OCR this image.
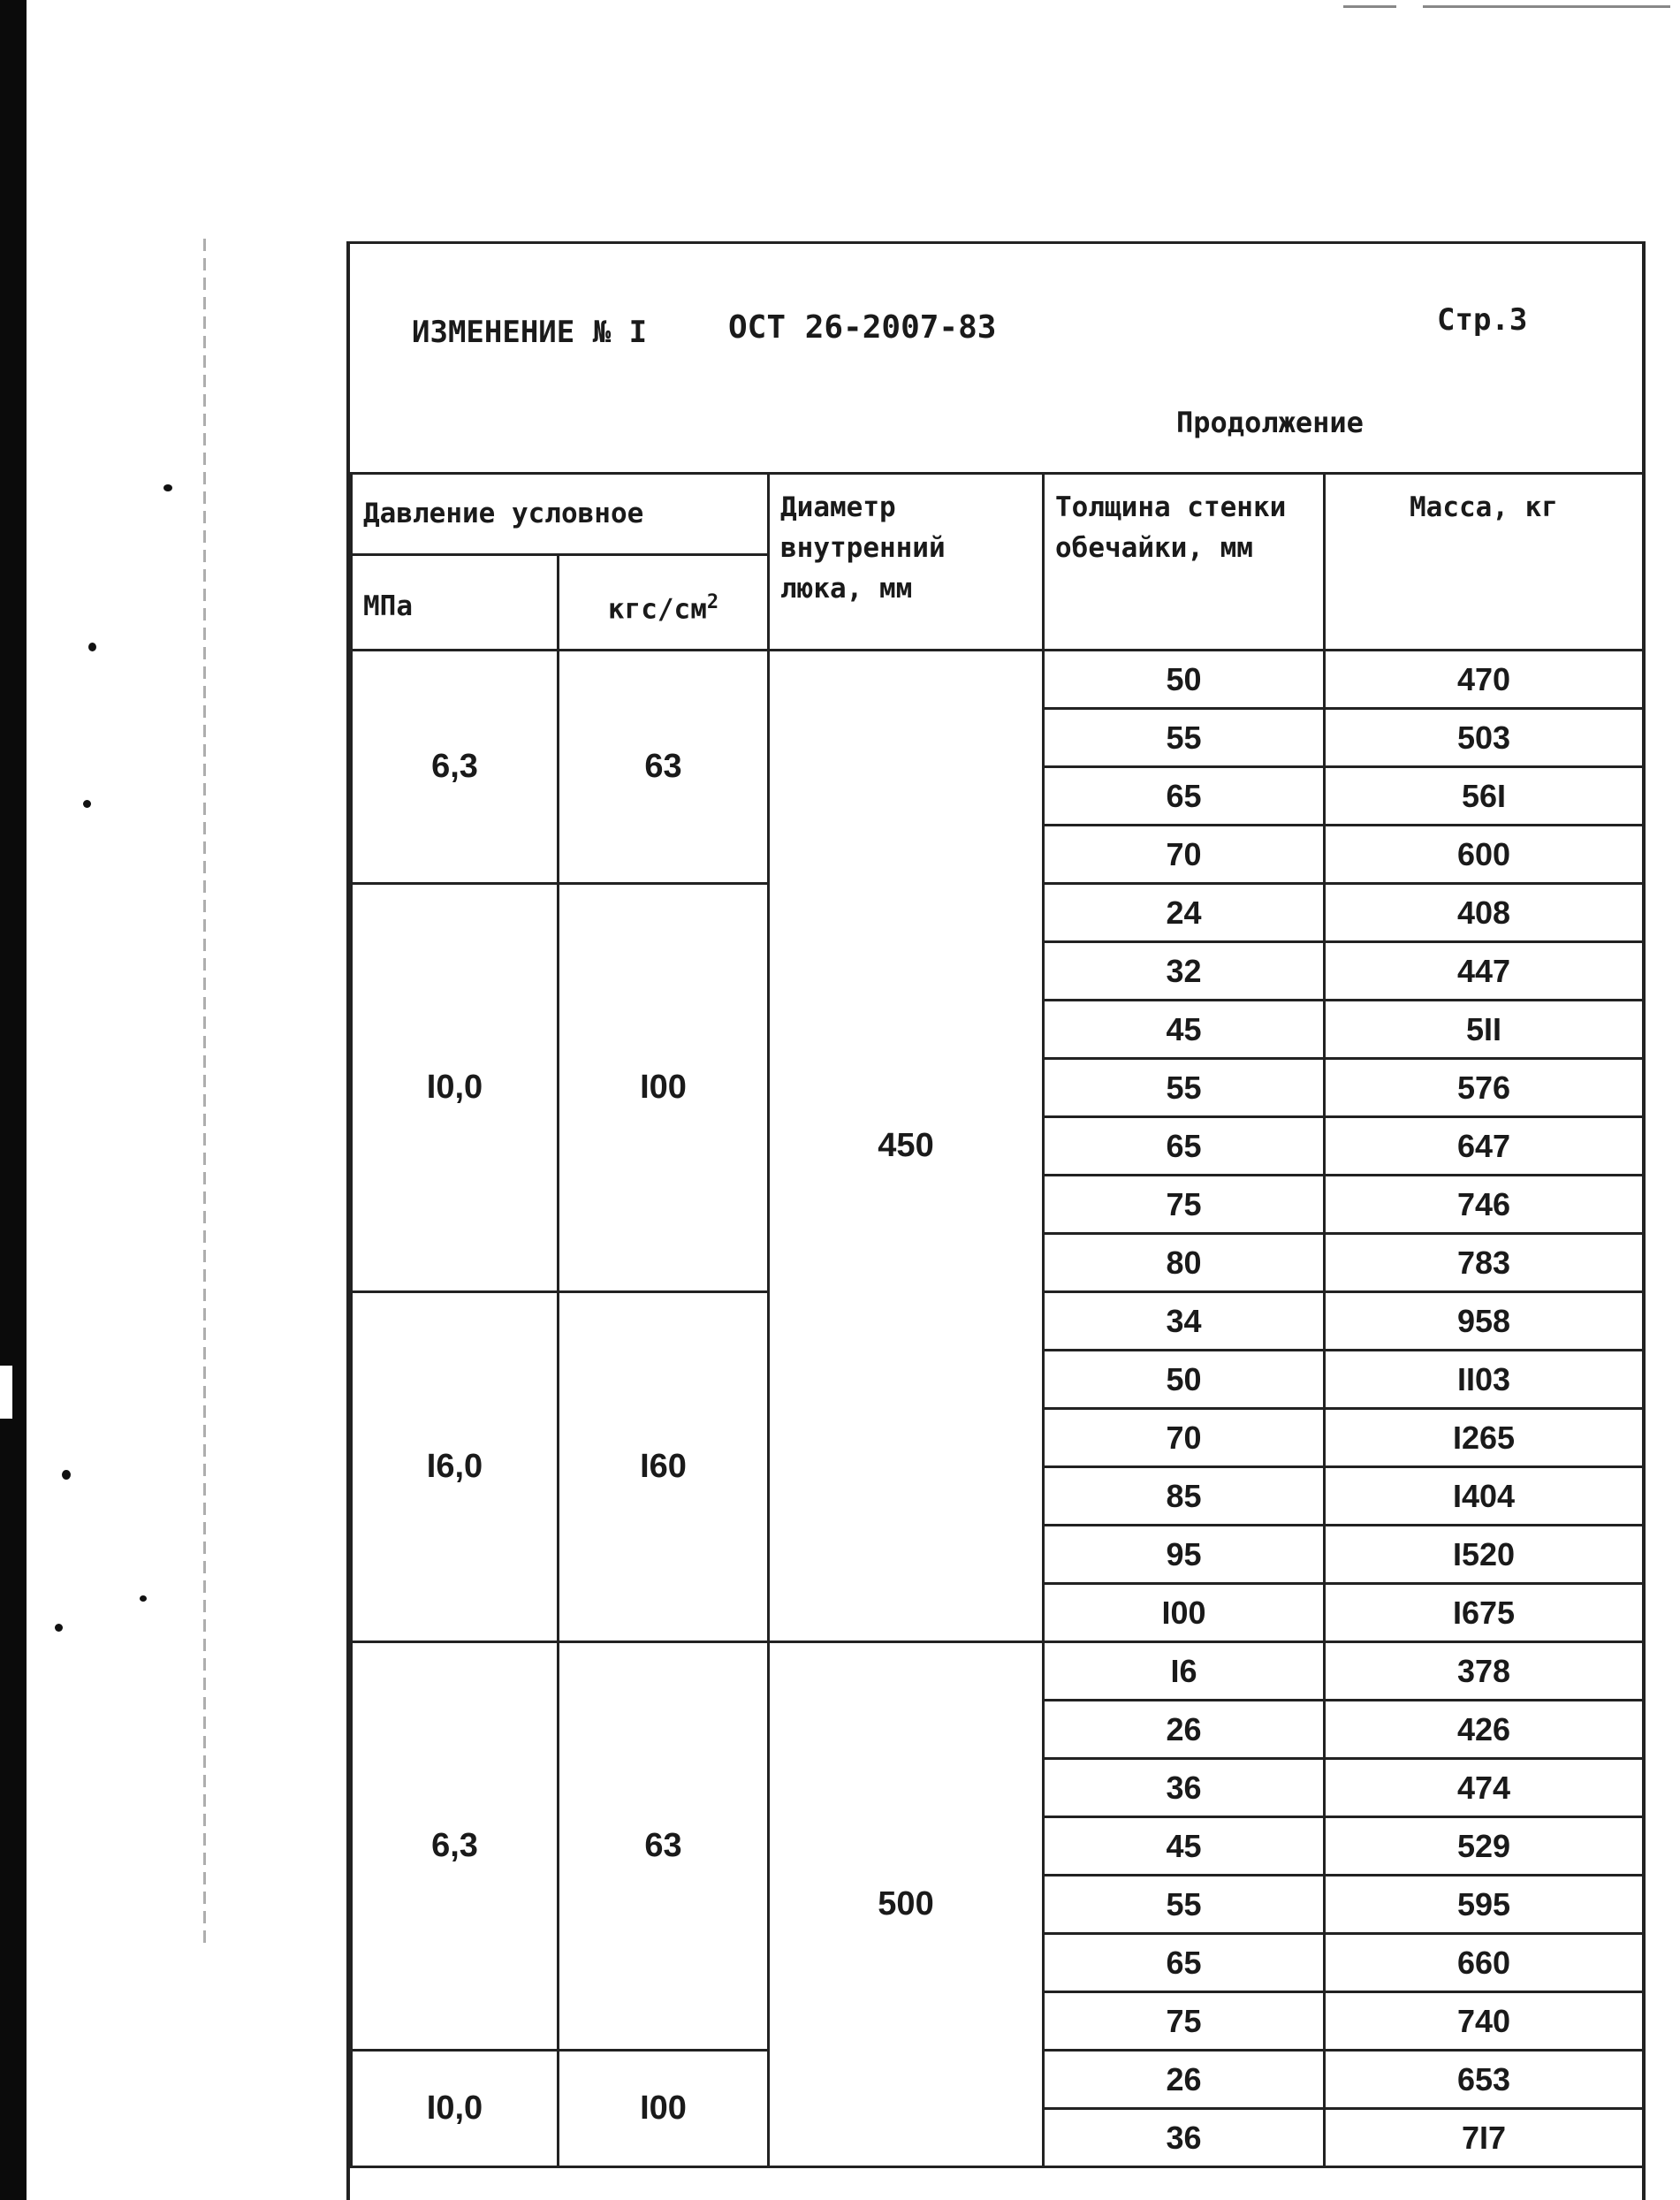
ИЗМЕНЕНИЕ № I	ОСТ 26-2007-83	Стр.3
Продолжение
Давление условное		Диаметр внутренний люка, мм	Толщина стенки обечайки, мм	Масса, кг
МПа	кгс/$см^2$
6,3	63	450	50	470
			55	503
			65	56I
			70	600
I0,0	I00		24	408
			32	447
			45	5II
			55	576
			65	647
			75	746
			80	783
I6,0	I60		34	958
			50	II03
			70	I265
			85	I404
			95	I520
			I00	I675
6,3	63	500	I6	378
			26	426
			36	474
			45	529
			55	595
			65	660
			75	740
I0,0	I00		26	653
			36	7I7
